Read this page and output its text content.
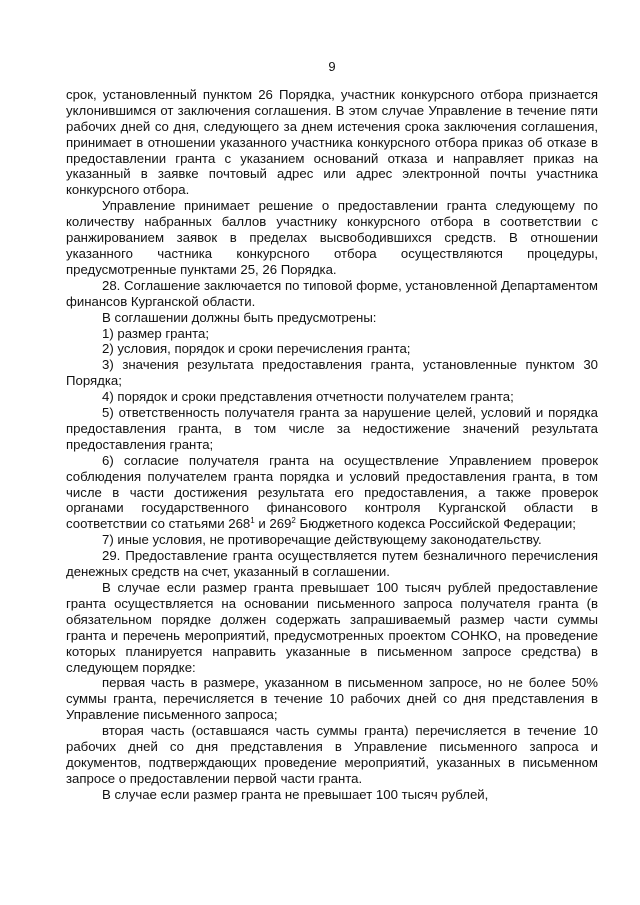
9

срок, установленный пунктом 26 Порядка, участник конкурсного отбора признается уклонившимся от заключения соглашения. В этом случае Управление в течение пяти рабочих дней со дня, следующего за днем истечения срока заключения соглашения, принимает в отношении указанного участника конкурсного отбора приказ об отказе в предоставлении гранта с указанием оснований отказа и направляет приказ на указанный в заявке почтовый адрес или адрес электронной почты участника конкурсного отбора.

Управление принимает решение о предоставлении гранта следующему по количеству набранных баллов участнику конкурсного отбора в соответствии с ранжированием заявок в пределах высвободившихся средств. В отношении указанного частника конкурсного отбора осуществляются процедуры, предусмотренные пунктами 25, 26 Порядка.

28. Соглашение заключается по типовой форме, установленной Департаментом финансов Курганской области.

В соглашении должны быть предусмотрены:

1) размер гранта;

2) условия, порядок и сроки перечисления гранта;

3) значения результата предоставления гранта, установленные пунктом 30 Порядка;

4) порядок и сроки представления отчетности получателем гранта;

5) ответственность получателя гранта за нарушение целей, условий и порядка предоставления гранта, в том числе за недостижение значений результата предоставления гранта;

6) согласие получателя гранта на осуществление Управлением проверок соблюдения получателем гранта порядка и условий предоставления гранта, в том числе в части достижения результата его предоставления, а также проверок органами государственного финансового контроля Курганской области в соответствии со статьями $268^1$ и $269^2$ Бюджетного кодекса Российской Федерации;

7) иные условия, не противоречащие действующему законодательству.

29. Предоставление гранта осуществляется путем безналичного перечисления денежных средств на счет, указанный в соглашении.

В случае если размер гранта превышает 100 тысяч рублей предоставление гранта осуществляется на основании письменного запроса получателя гранта (в обязательном порядке должен содержать запрашиваемый размер части суммы гранта и перечень мероприятий, предусмотренных проектом СОНКО, на проведение которых планируется направить указанные в письменном запросе средства) в следующем порядке:

первая часть в размере, указанном в письменном запросе, но не более 50% суммы гранта, перечисляется в течение 10 рабочих дней со дня представления в Управление письменного запроса;

вторая часть (оставшаяся часть суммы гранта) перечисляется в течение 10 рабочих дней со дня представления в Управление письменного запроса и документов, подтверждающих проведение мероприятий, указанных в письменном запросе о предоставлении первой части гранта.

В случае если размер гранта не превышает 100 тысяч рублей,
